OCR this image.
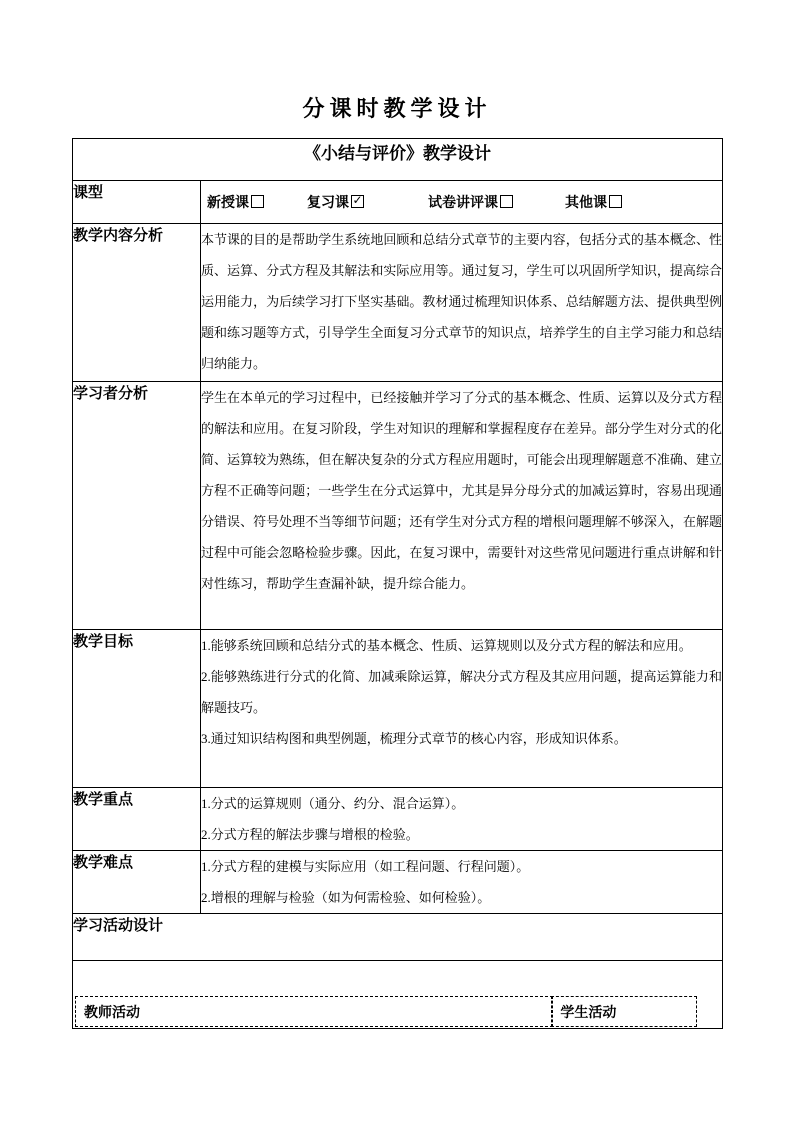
分课时教学设计
《小结与评价》教学设计	
课型	新授课 复习课 ✓ 试卷讲评课 其他课

教学内容分析	本节课的目的是帮助学生系统地回顾和总结分式章节的主要内容，包括分式的基本概念、性质、运算、分式方程及其解法和实际应用等。通过复习，学生可以巩固所学知识，提高综合运用能力，为后续学习打下坚实基础。教材通过梳理知识体系、总结解题方法、提供典型例题和练习题等方式，引导学生全面复习分式章节的知识点，培养学生的自主学习能力和总结归纳能力。

学习者分析	学生在本单元的学习过程中，已经接触并学习了分式的基本概念、性质、运算以及分式方程的解法和应用。在复习阶段，学生对知识的理解和掌握程度存在差异。部分学生对分式的化简、运算较为熟练，但在解决复杂的分式方程应用题时，可能会出现理解题意不准确、建立方程不正确等问题；一些学生在分式运算中，尤其是异分母分式的加减运算时，容易出现通分错误、符号处理不当等细节问题；还有学生对分式方程的增根问题理解不够深入，在解题过程中可能会忽略检验步骤。因此，在复习课中，需要针对这些常见问题进行重点讲解和针对性练习，帮助学生查漏补缺，提升综合能力。

教学目标	1.能够系统回顾和总结分式的基本概念、性质、运算规则以及分式方程的解法和应用。

2.能够熟练进行分式的化简、加减乘除运算，解决分式方程及其应用问题，提高运算能力和解题技巧。

3.通过知识结构图和典型例题，梳理分式章节的核心内容，形成知识体系。

教学重点	1.分式的运算规则（通分、约分、混合运算）。

2.分式方程的解法步骤与增根的检验。

教学难点	1.分式方程的建模与实际应用（如工程问题、行程问题）。

2.增根的理解与检验（如为何需检验、如何检验）。

学习活动设计	

教师活动 学生活动	
